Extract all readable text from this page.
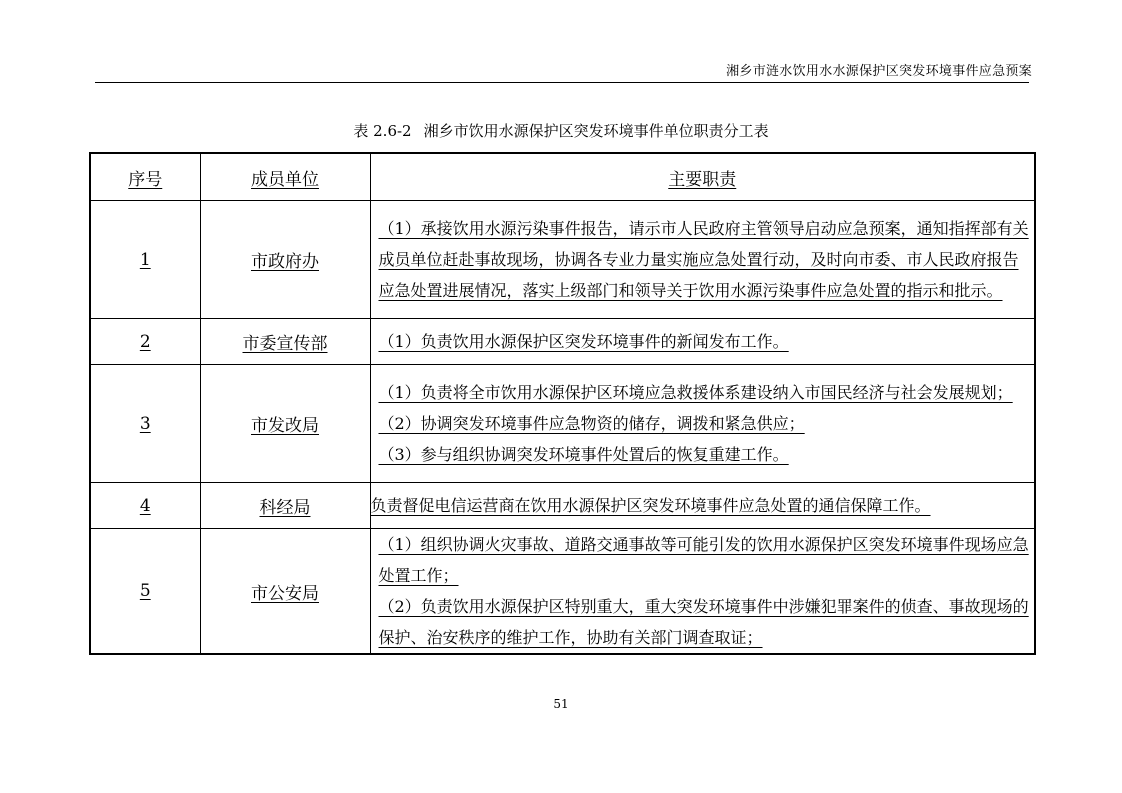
湘乡市涟水饮用水水源保护区突发环境事件应急预案
表 2.6-2 湘乡市饮用水源保护区突发环境事件单位职责分工表
序号	成员单位	主要职责
1	市政府办	（1）承接饮用水源污染事件报告，请示市人民政府主管领导启动应急预案，通知指挥部有关成员单位赶赴事故现场，协调各专业力量实施应急处置行动，及时向市委、市人民政府报告应急处置进展情况，落实上级部门和领导关于饮用水源污染事件应急处置的指示和批示。

2	市委宣传部	（1）负责饮用水源保护区突发环境事件的新闻发布工作。

3	市发改局	（1）负责将全市饮用水源保护区环境应急救援体系建设纳入市国民经济与社会发展规划；
（2）协调突发环境事件应急物资的储存，调拨和紧急供应；
（3）参与组织协调突发环境事件处置后的恢复重建工作。

4	科经局	负责督促电信运营商在饮用水源保护区突发环境事件应急处置的通信保障工作。

5	市公安局	（1）组织协调火灾事故、道路交通事故等可能引发的饮用水源保护区突发环境事件现场应急处置工作；
（2）负责饮用水源保护区特别重大，重大突发环境事件中涉嫌犯罪案件的侦查、事故现场的保护、治安秩序的维护工作，协助有关部门调查取证；
51
